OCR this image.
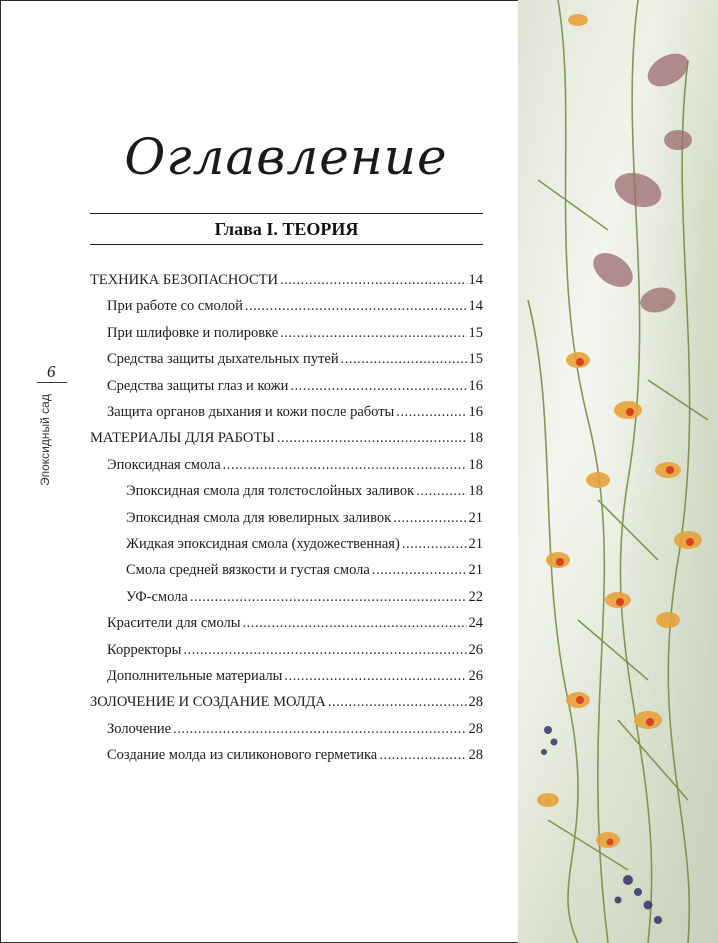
6
Эпоксидный сад
Оглавление
Глава I. ТЕОРИЯ
ТЕХНИКА БЕЗОПАСНОСТИ .....	14
При работе со смолой .....	14
При шлифовке и полировке .....	15
Средства защиты дыхательных путей .....	15
Средства защиты глаз и кожи .....	16
Защита органов дыхания и кожи после работы .....	16
МАТЕРИАЛЫ ДЛЯ РАБОТЫ .....	18
Эпоксидная смола .....	18
Эпоксидная смола для толстослойных заливок .....	18
Эпоксидная смола для ювелирных заливок .....	21
Жидкая эпоксидная смола (художественная) .....	21
Смола средней вязкости и густая смола .....	21
УФ-смола .....	22
Красители для смолы .....	24
Корректоры .....	26
Дополнительные материалы .....	26
ЗОЛОЧЕНИЕ И СОЗДАНИЕ МОЛДА .....	28
Золочение .....	28
Создание молда из силиконового герметика .....	28
